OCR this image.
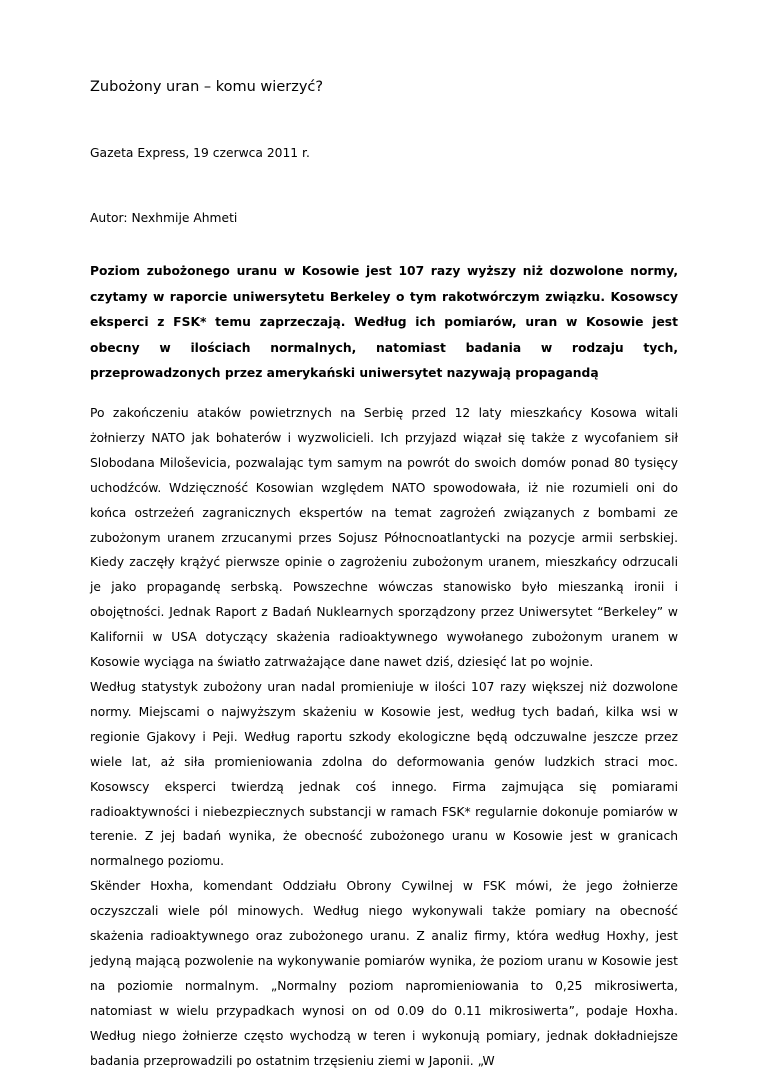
Zubożony uran – komu wierzyć?
Gazeta Express, 19 czerwca 2011 r.
Autor: Nexhmije Ahmeti
Poziom zubożonego uranu w Kosowie jest 107 razy wyższy niż dozwolone normy, czytamy w raporcie uniwersytetu Berkeley o tym rakotwórczym związku. Kosowscy eksperci z FSK* temu zaprzeczają. Według ich pomiarów, uran w Kosowie jest obecny w ilościach normalnych, natomiast badania w rodzaju tych, przeprowadzonych przez amerykański uniwersytet nazywają propagandą

Po zakończeniu ataków powietrznych na Serbię przed 12 laty mieszkańcy Kosowa witali żołnierzy NATO jak bohaterów i wyzwolicieli. Ich przyjazd wiązał się także z wycofaniem sił Slobodana Miloševicia, pozwalając tym samym na powrót do swoich domów ponad 80 tysięcy uchodźców. Wdzięczność Kosowian względem NATO spowodowała, iż nie rozumieli oni do końca ostrzeżeń zagranicznych ekspertów na temat zagrożeń związanych z bombami ze zubożonym uranem zrzucanymi przes Sojusz Północnoatlantycki na pozycje armii serbskiej. Kiedy zaczęły krążyć pierwsze opinie o zagrożeniu zubożonym uranem, mieszkańcy odrzucali je jako propagandę serbską. Powszechne wówczas stanowisko było mieszanką ironii i obojętności. Jednak Raport z Badań Nuklearnych sporządzony przez Uniwersytet “Berkeley” w Kalifornii w USA dotyczący skażenia radioaktywnego wywołanego zubożonym uranem w Kosowie wyciąga na światło zatrważające dane nawet dziś, dziesięć lat po wojnie.

Według statystyk zubożony uran nadal promieniuje w ilości 107 razy większej niż dozwolone normy. Miejscami o najwyższym skażeniu w Kosowie jest, według tych badań, kilka wsi w regionie Gjakovy i Peji. Według raportu szkody ekologiczne będą odczuwalne jeszcze przez wiele lat, aż siła promieniowania zdolna do deformowania genów ludzkich straci moc. Kosowscy eksperci twierdzą jednak coś innego. Firma zajmująca się pomiarami radioaktywności i niebezpiecznych substancji w ramach FSK* regularnie dokonuje pomiarów w terenie. Z jej badań wynika, że obecność zubożonego uranu w Kosowie jest w granicach normalnego poziomu.

Skënder Hoxha, komendant Oddziału Obrony Cywilnej w FSK mówi, że jego żołnierze oczyszczali wiele pól minowych. Według niego wykonywali także pomiary na obecność skażenia radioaktywnego oraz zubożonego uranu. Z analiz firmy, która według Hoxhy, jest jedyną mającą pozwolenie na wykonywanie pomiarów wynika, że poziom uranu w Kosowie jest na poziomie normalnym. „Normalny poziom napromieniowania to 0,25 mikrosiwerta, natomiast w wielu przypadkach wynosi on od 0.09 do 0.11 mikrosiwerta”, podaje Hoxha. Według niego żołnierze często wychodzą w teren i wykonują pomiary, jednak dokładniejsze badania przeprowadzili po ostatnim trzęsieniu ziemi w Japonii. „W
